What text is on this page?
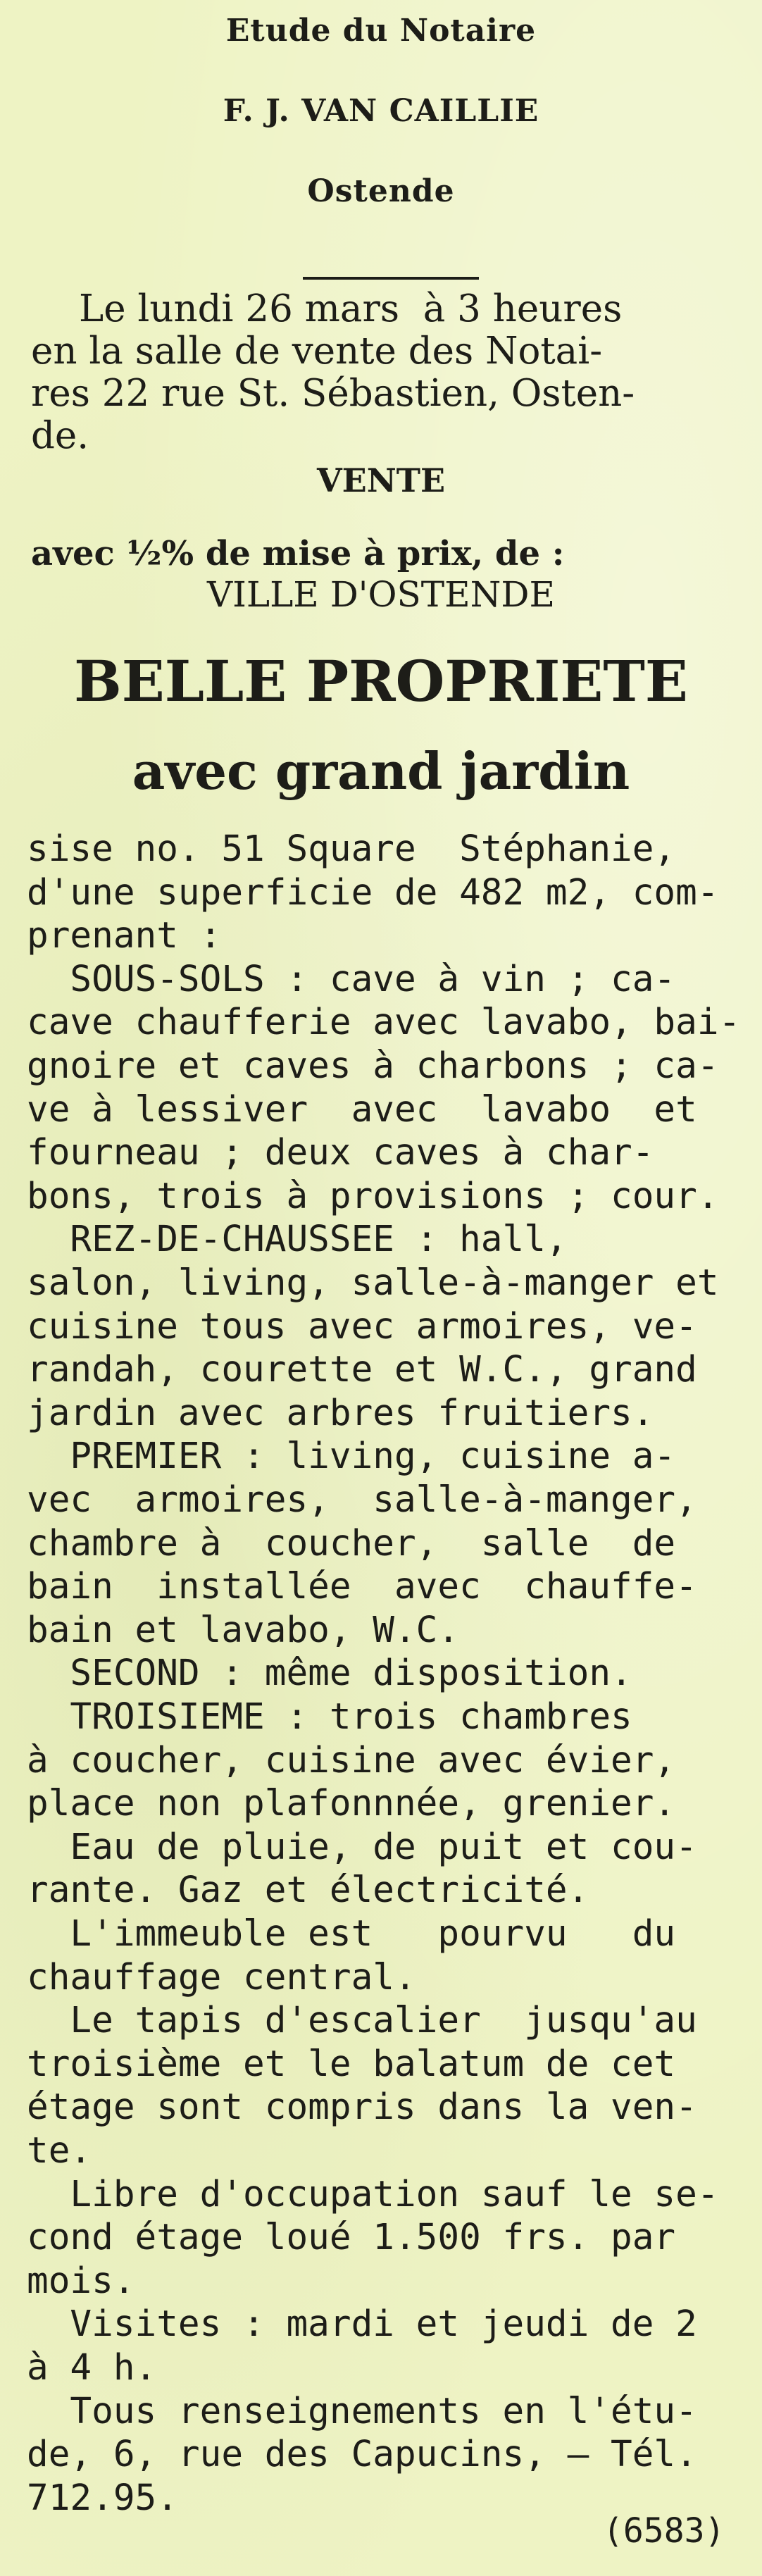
Etude du Notaire
F. J. VAN CAILLIE
Ostende
Le lundi 26 mars  à 3 heures
en la salle de vente des Notai-
res 22 rue St. Sébastien, Osten-
de.
VENTE
avec ½% de mise à prix, de :
VILLE D'OSTENDE
BELLE PROPRIETE
avec grand jardin
sise no. 51 Square  Stéphanie,
d'une superficie de 482 m2, com-
prenant :
SOUS-SOLS : cave à vin ; ca-
cave chaufferie avec lavabo, bai-
gnoire et caves à charbons ; ca-
ve à lessiver  avec  lavabo  et
fourneau ; deux caves à char-
bons, trois à provisions ; cour.
REZ-DE-CHAUSSEE : hall,
salon, living, salle-à-manger et
cuisine tous avec armoires, ve-
randah, courette et W.C., grand
jardin avec arbres fruitiers.
PREMIER : living, cuisine a-
vec  armoires,  salle-à-manger,
chambre à  coucher,  salle  de
bain  installée  avec  chauffe-
bain et lavabo, W.C.
SECOND : même disposition.
TROISIEME : trois chambres
à coucher, cuisine avec évier,
place non plafonnnée, grenier.
Eau de pluie, de puit et cou-
rante. Gaz et électricité.
L'immeuble est   pourvu   du
chauffage central.
Le tapis d'escalier  jusqu'au
troisième et le balatum de cet
étage sont compris dans la ven-
te.
Libre d'occupation sauf le se-
cond étage loué 1.500 frs. par
mois.
Visites : mardi et jeudi de 2
à 4 h.
Tous renseignements en l'étu-
de, 6, rue des Capucins, — Tél.
712.95.
(6583)
